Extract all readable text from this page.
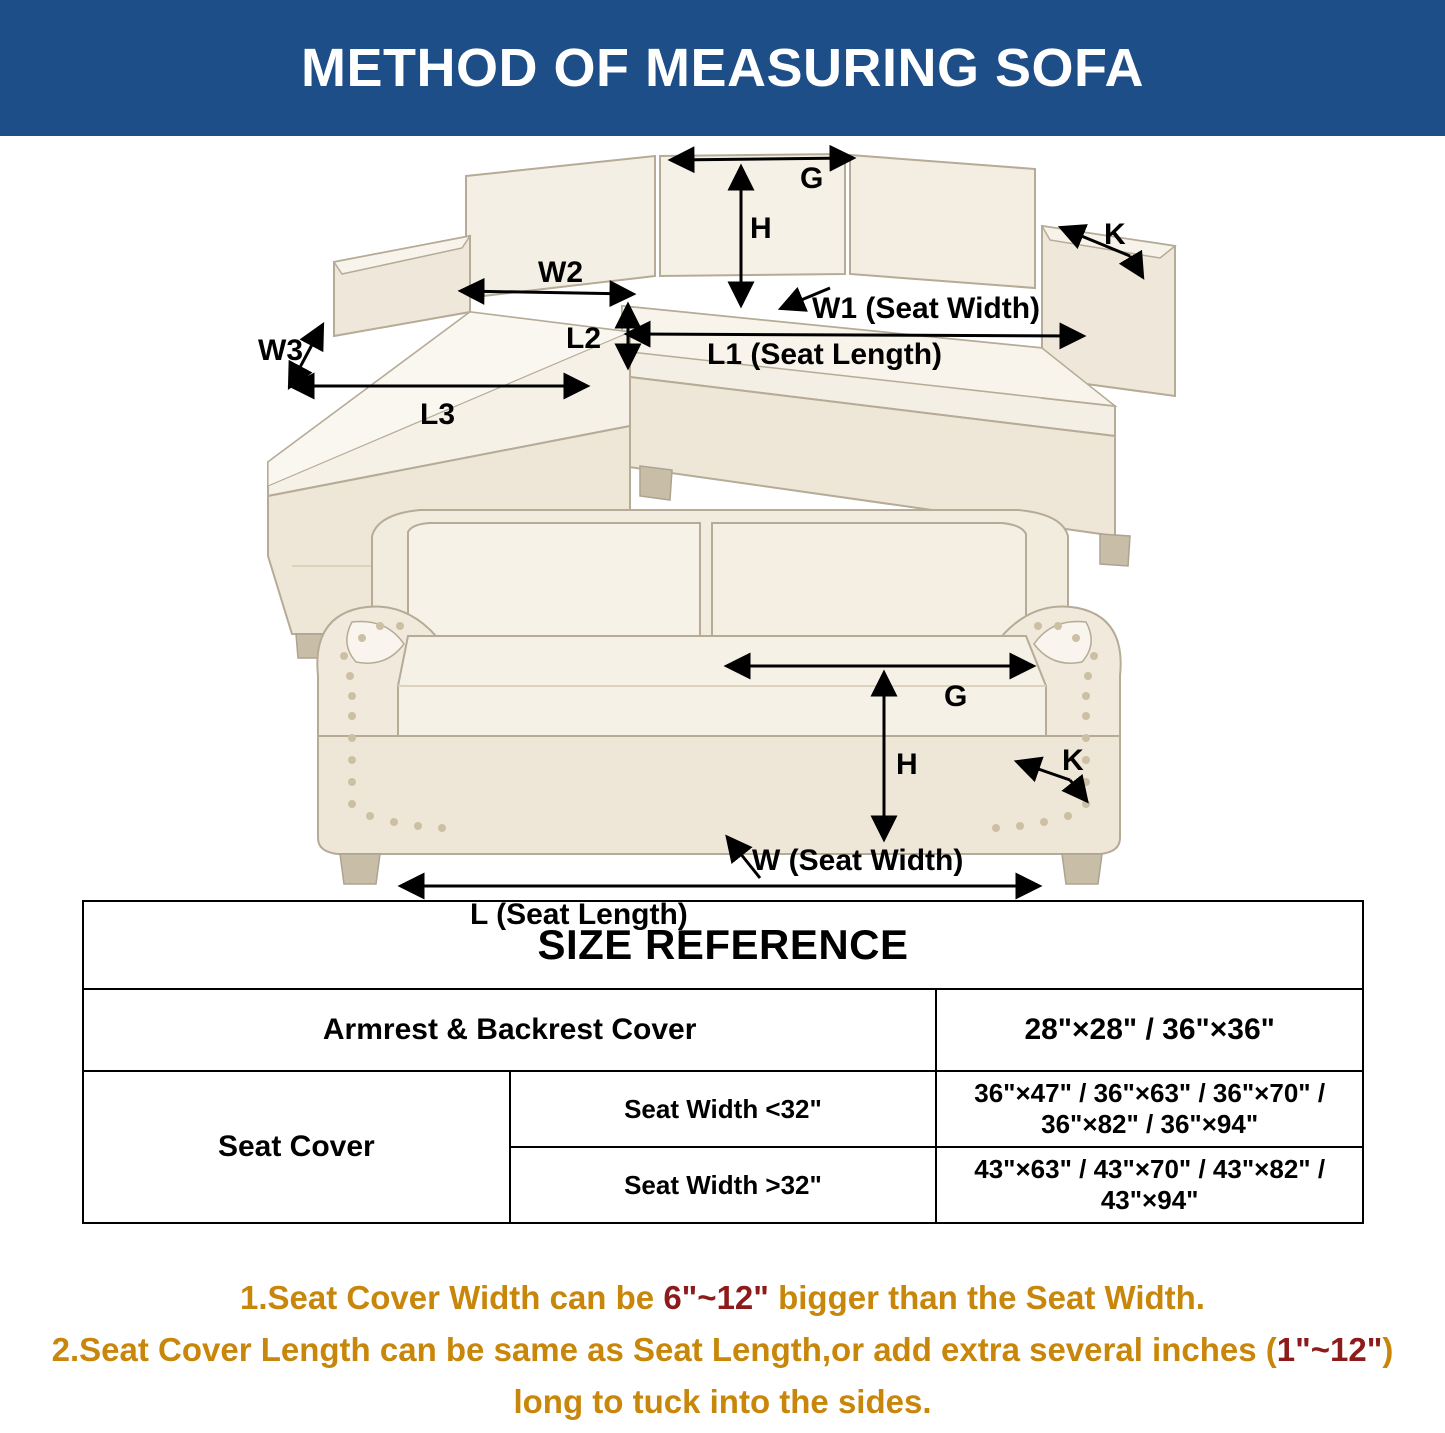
METHOD OF MEASURING SOFA
G
H	K
W1 (Seat Width)
L1 (Seat Length)
W2
L2
W3
L3
G
H	K
W (Seat Width)
L (Seat Length)
SIZE REFERENCE		
Armrest & Backrest Cover		28"×28" / 36"×36"
Seat Cover	Seat Width <32"	36"×47" / 36"×63" / 36"×70" / 36"×82" / 36"×94"
	Seat Width >32"	43"×63" / 43"×70" / 43"×82" / 43"×94"
1.Seat Cover Width can be 6"~12" bigger than the Seat Width.
2.Seat Cover Length can be same as Seat Length,or add extra several inches (1"~12") long to tuck into the sides.
